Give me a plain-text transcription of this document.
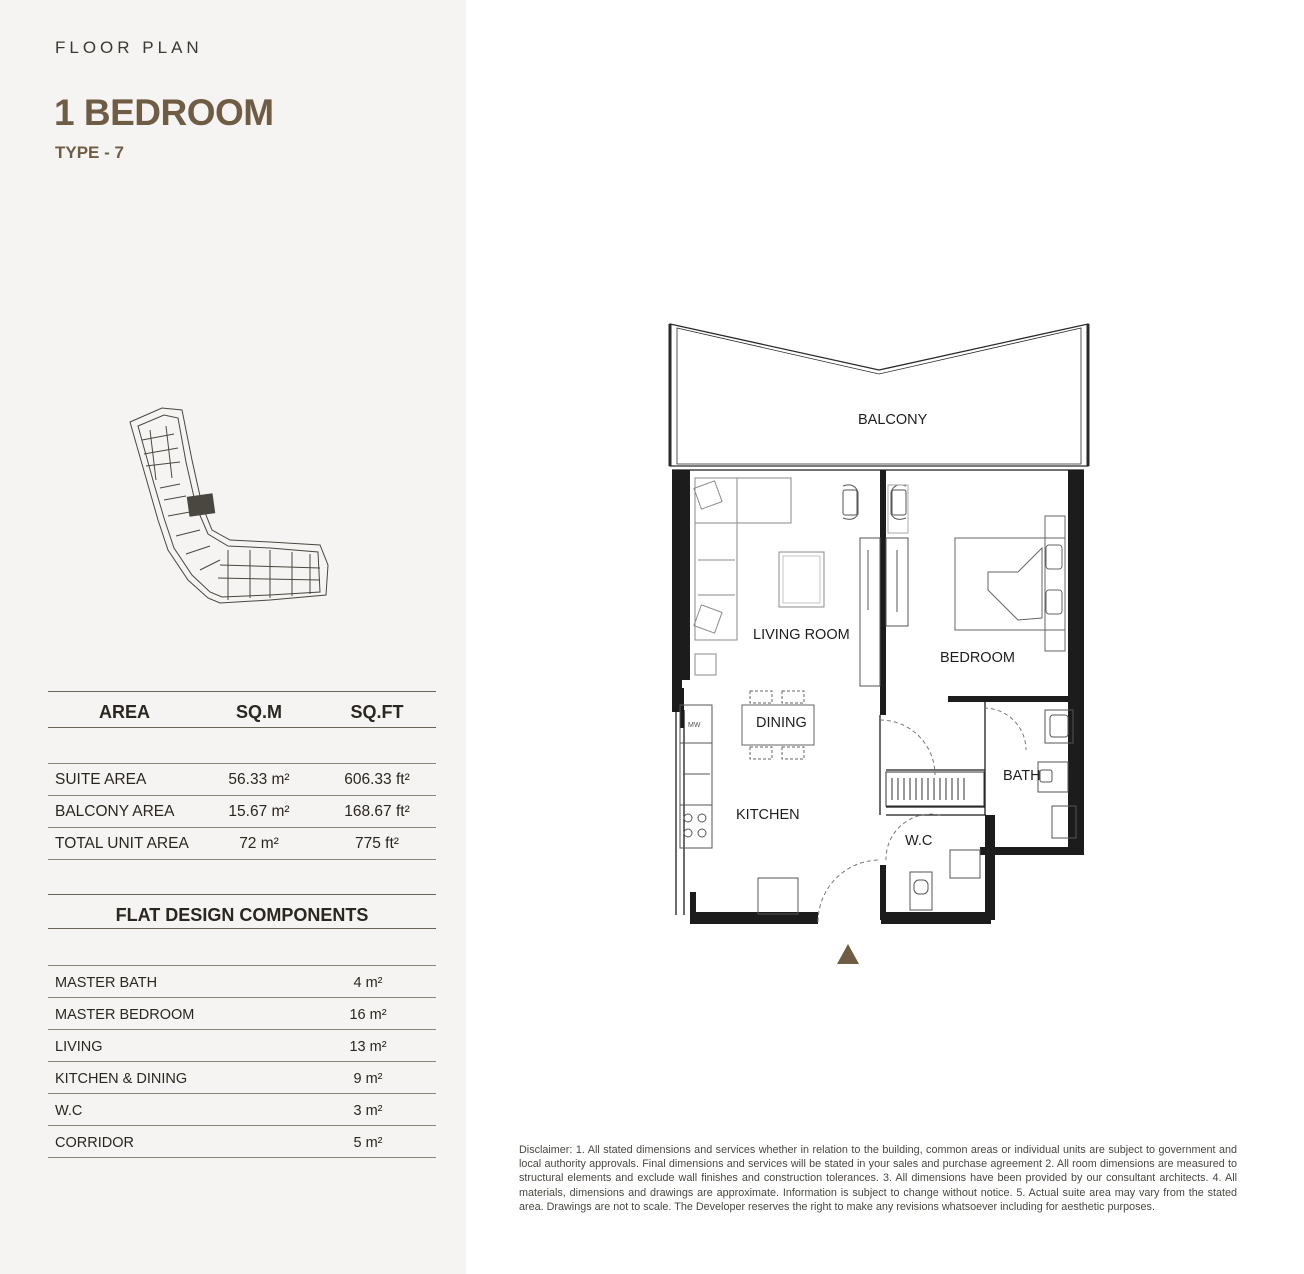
FLOOR PLAN
1 BEDROOM
TYPE - 7
AREA	SQ.M	SQ.FT
SUITE AREA	56.33 m²	606.33 ft²
BALCONY AREA	15.67 m²	168.67 ft²
TOTAL UNIT AREA	72 m²	775 ft²
FLAT DESIGN COMPONENTS
MASTER BATH	4 m²
MASTER BEDROOM	16 m²
LIVING	13 m²
KITCHEN & DINING	9 m²
W.C	3 m²
CORRIDOR	5 m²
MW
BALCONY
LIVING ROOM
BEDROOM
DINING
KITCHEN
BATH
W.C
Disclaimer: 1. All stated dimensions and services whether in relation to the building, common areas or individual units are subject to government and local authority approvals. Final dimensions and services will be stated in your sales and purchase agreement 2. All room dimensions are measured to structural elements and exclude wall finishes and construction tolerances. 3. All dimensions have been provided by our consultant architects. 4. All materials, dimensions and drawings are approximate. Information is subject to change without notice. 5. Actual suite area may vary from the stated area. Drawings are not to scale. The Developer reserves the right to make any revisions whatsoever including for aesthetic purposes.
